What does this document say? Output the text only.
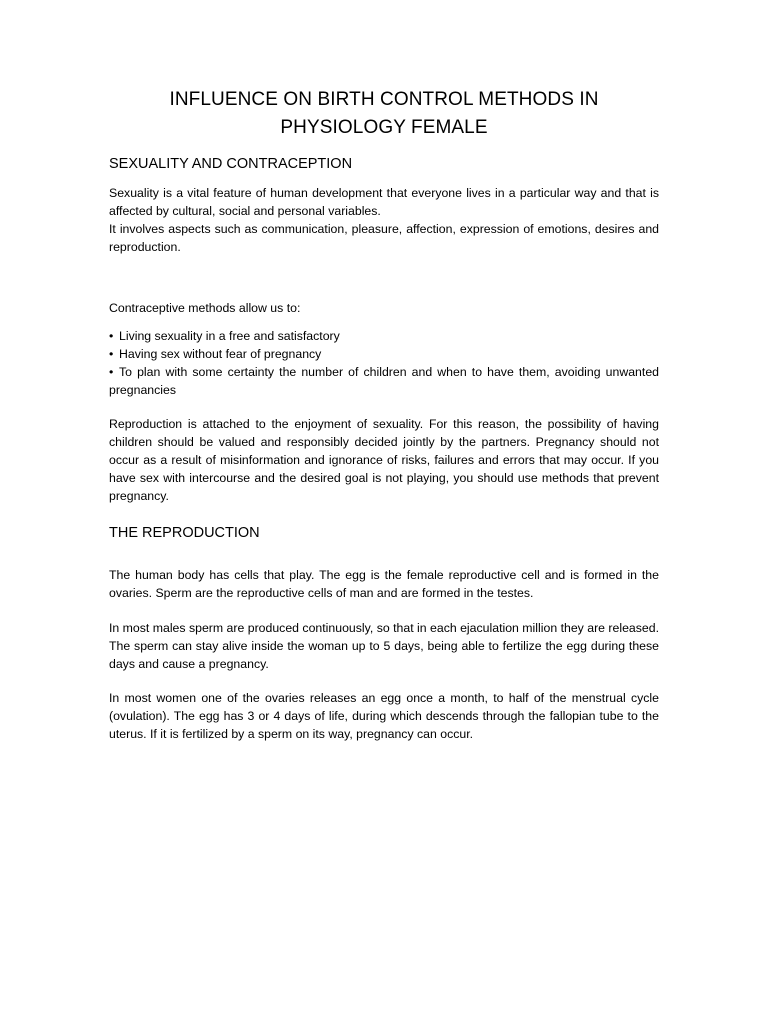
INFLUENCE ON BIRTH CONTROL METHODS IN
PHYSIOLOGY FEMALE
SEXUALITY AND CONTRACEPTION

Sexuality is a vital feature of human development that everyone lives in a particular way and that is affected by cultural, social and personal variables.
It involves aspects such as communication, pleasure, affection, expression of emotions, desires and reproduction.

Contraceptive methods allow us to:

• Living sexuality in a free and satisfactory
• Having sex without fear of pregnancy
• To plan with some certainty the number of children and when to have them, avoiding unwanted pregnancies

Reproduction is attached to the enjoyment of sexuality. For this reason, the possibility of having children should be valued and responsibly decided jointly by the partners. Pregnancy should not occur as a result of misinformation and ignorance of risks, failures and errors that may occur. If you have sex with intercourse and the desired goal is not playing, you should use methods that prevent pregnancy.

THE REPRODUCTION

The human body has cells that play. The egg is the female reproductive cell and is formed in the ovaries. Sperm are the reproductive cells of man and are formed in the testes.

In most males sperm are produced continuously, so that in each ejaculation million they are released. The sperm can stay alive inside the woman up to 5 days, being able to fertilize the egg during these days and cause a pregnancy.

In most women one of the ovaries releases an egg once a month, to half of the menstrual cycle (ovulation). The egg has 3 or 4 days of life, during which descends through the fallopian tube to the uterus. If it is fertilized by a sperm on its way, pregnancy can occur.
